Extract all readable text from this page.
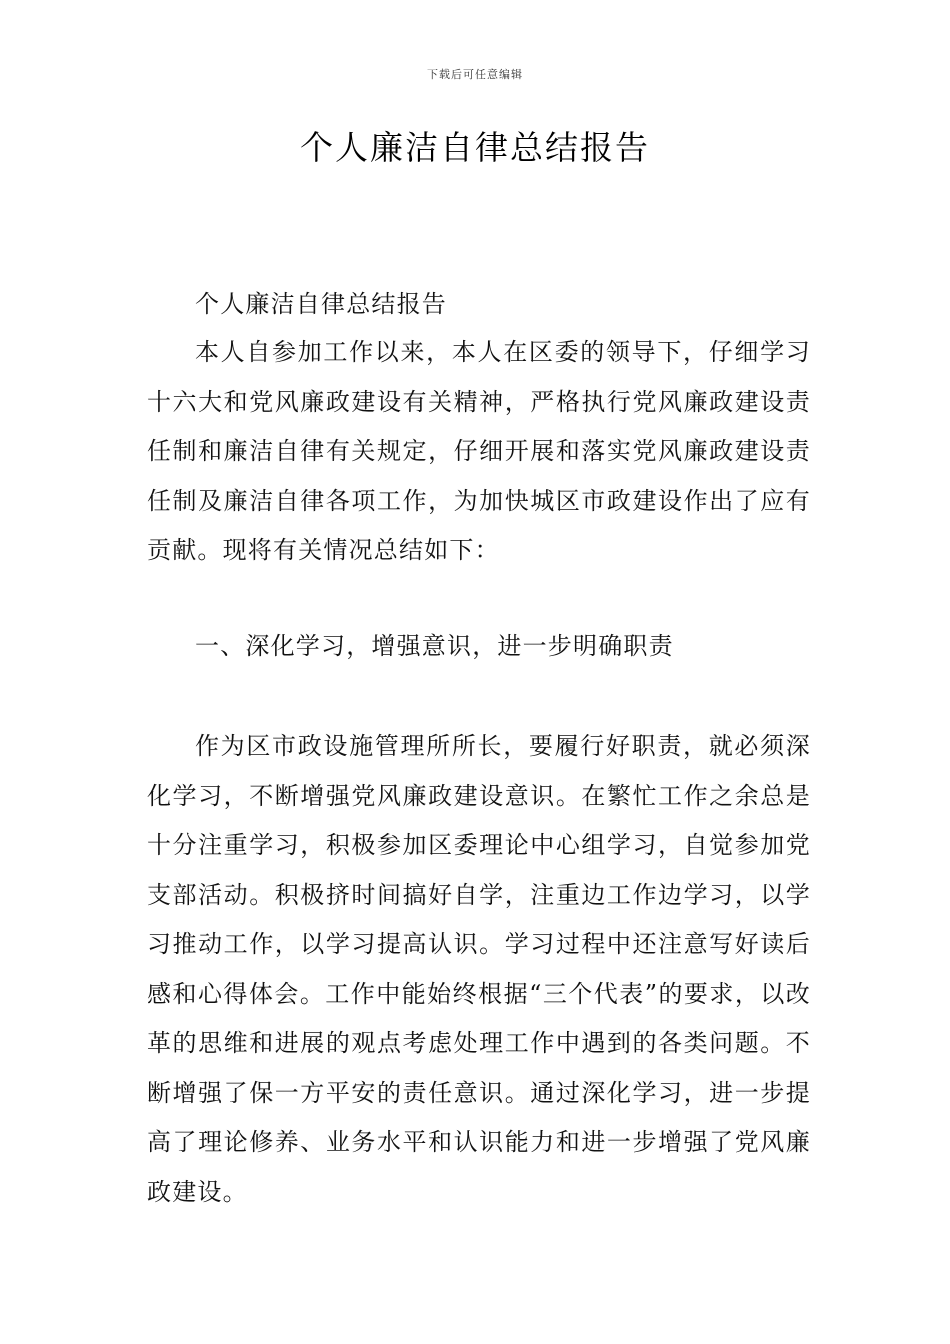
下载后可任意编辑
个人廉洁自律总结报告

个人廉洁自律总结报告

本人自参加工作以来，本人在区委的领导下，仔细学习十六大和党风廉政建设有关精神，严格执行党风廉政建设责任制和廉洁自律有关规定，仔细开展和落实党风廉政建设责任制及廉洁自律各项工作，为加快城区市政建设作出了应有贡献。现将有关情况总结如下：

一、深化学习，增强意识，进一步明确职责

作为区市政设施管理所所长，要履行好职责，就必须深化学习，不断增强党风廉政建设意识。在繁忙工作之余总是十分注重学习，积极参加区委理论中心组学习，自觉参加党支部活动。积极挤时间搞好自学，注重边工作边学习，以学习推动工作，以学习提高认识。学习过程中还注意写好读后感和心得体会。工作中能始终根据“三个代表”的要求，以改革的思维和进展的观点考虑处理工作中遇到的各类问题。不断增强了保一方平安的责任意识。通过深化学习，进一步提高了理论修养、业务水平和认识能力和进一步增强了党风廉政建设。
